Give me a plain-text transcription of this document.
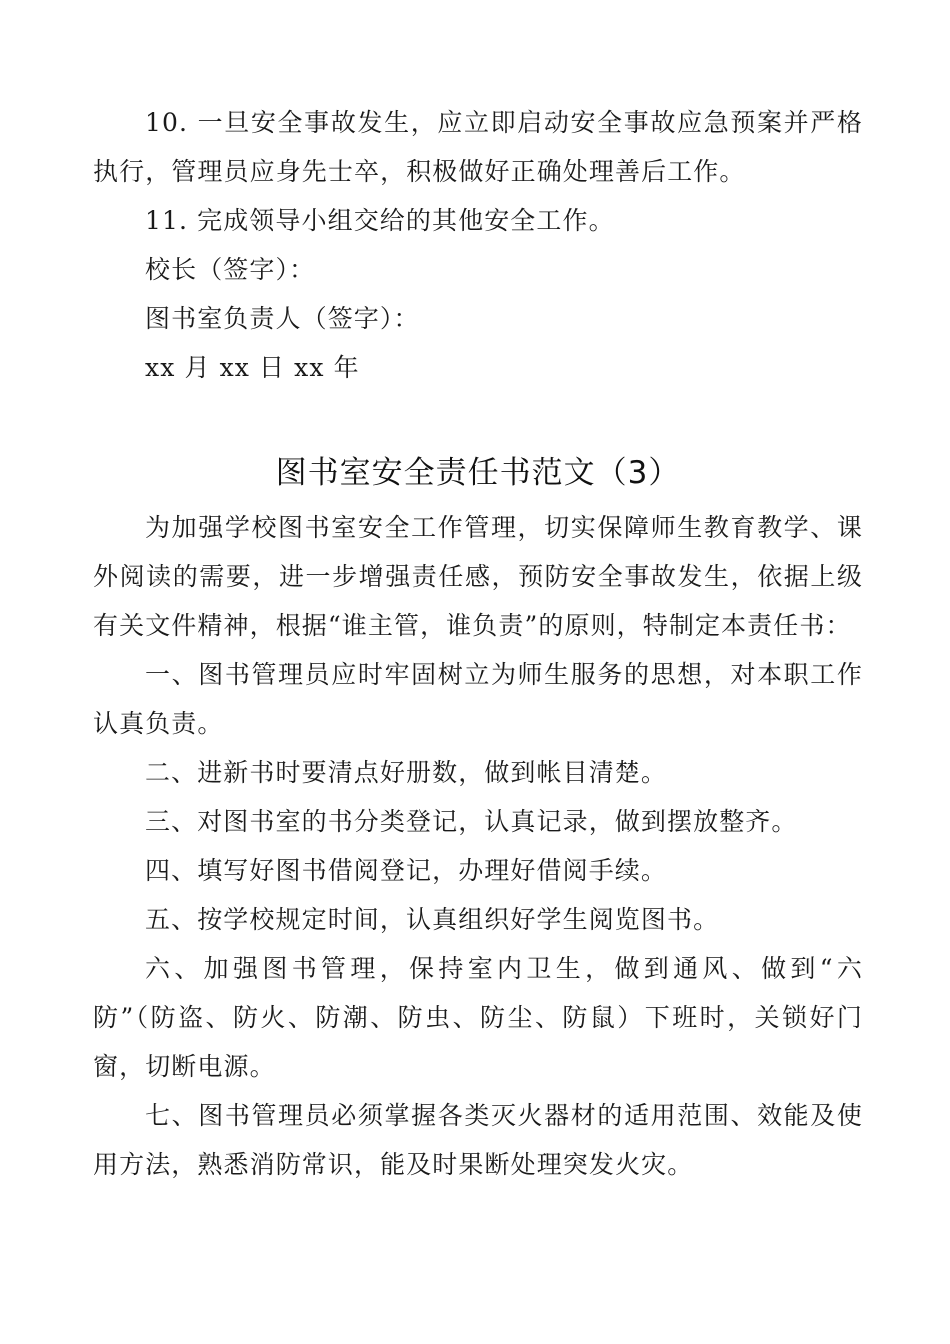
10. 一旦安全事故发生，应立即启动安全事故应急预案并严格执行，管理员应身先士卒，积极做好正确处理善后工作。

11. 完成领导小组交给的其他安全工作。

校长（签字）：

图书室负责人（签字）：

xx 月 xx 日 xx 年

图书室安全责任书范文（3）

为加强学校图书室安全工作管理，切实保障师生教育教学、课外阅读的需要，进一步增强责任感，预防安全事故发生，依据上级有关文件精神，根据“谁主管，谁负责”的原则，特制定本责任书：

一、图书管理员应时牢固树立为师生服务的思想，对本职工作认真负责。

二、进新书时要清点好册数，做到帐目清楚。

三、对图书室的书分类登记，认真记录，做到摆放整齐。

四、填写好图书借阅登记，办理好借阅手续。

五、按学校规定时间，认真组织好学生阅览图书。

六、加强图书管理，保持室内卫生，做到通风、做到“六防”（防盗、防火、防潮、防虫、防尘、防鼠）下班时，关锁好门窗，切断电源。

七、图书管理员必须掌握各类灭火器材的适用范围、效能及使用方法，熟悉消防常识，能及时果断处理突发火灾。
